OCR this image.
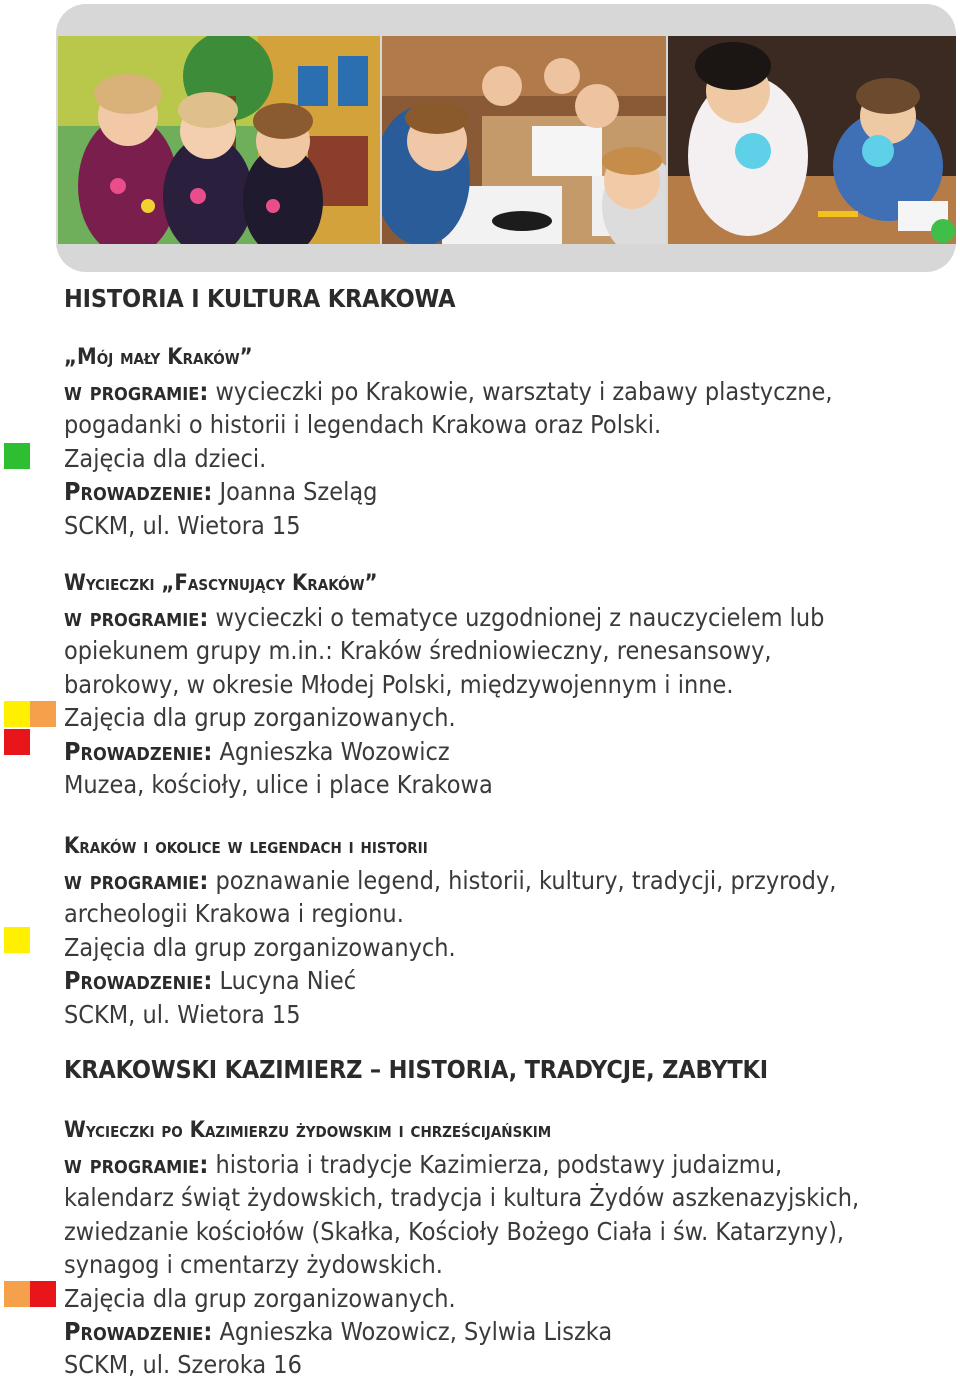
HISTORIA I KULTURA KRAKOWA
„Mój mały Kraków”
w programie: wycieczki po Krakowie, warsztaty i zabawy plastyczne,
pogadanki o historii i legendach Krakowa oraz Polski.
Zajęcia dla dzieci.
Prowadzenie: Joanna Szeląg
SCKM, ul. Wietora 15
Wycieczki „Fascynujący Kraków”
w programie: wycieczki o tematyce uzgodnionej z nauczycielem lub
opiekunem grupy m.in.: Kraków średniowieczny, renesansowy,
barokowy, w okresie Młodej Polski, międzywojennym i inne.
Zajęcia dla grup zorganizowanych.
Prowadzenie: Agnieszka Wozowicz
Muzea, kościoły, ulice i place Krakowa
Kraków i okolice w legendach i historii
w programie: poznawanie legend, historii, kultury, tradycji, przyrody,
archeologii Krakowa i regionu.
Zajęcia dla grup zorganizowanych.
Prowadzenie: Lucyna Nieć
SCKM, ul. Wietora 15
KRAKOWSKI KAZIMIERZ – HISTORIA, TRADYCJE, ZABYTKI
Wycieczki po Kazimierzu żydowskim i chrześcijańskim
w programie: historia i tradycje Kazimierza, podstawy judaizmu,
kalendarz świąt żydowskich, tradycja i kultura Żydów aszkenazyjskich,
zwiedzanie kościołów (Skałka, Kościoły Bożego Ciała i św. Katarzyny),
synagog i cmentarzy żydowskich.
Zajęcia dla grup zorganizowanych.
Prowadzenie: Agnieszka Wozowicz, Sylwia Liszka
SCKM, ul. Szeroka 16
